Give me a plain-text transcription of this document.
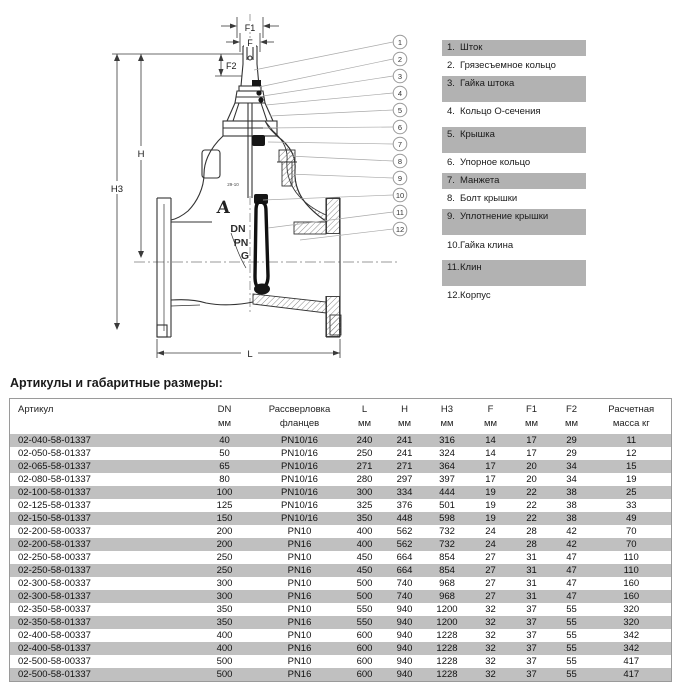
F1
F
F2
H
H3
L
29-10
A
DN
PN
G
1
2
3
4
5
6
7
8
9
10
11
12
1. Шток
2. Грязесъемное кольцо
3. Гайка штока
4. Кольцо О-сечения
5. Крышка
6. Упорное кольцо
7. Манжета
8. Болт крышки
9. Уплотнение крышки
10. Гайка клина
11. Клин
12. Корпус
Артикулы и габаритные размеры:
Артикул	DN	Рассверловка	L	H	H3	F	F1	F2	Расчетная
	мм	фланцев	мм	мм	мм	мм	мм	мм	масса кг
02-040-58-01337	40	PN10/16	240	241	316	14	17	29	11
02-050-58-01337	50	PN10/16	250	241	324	14	17	29	12
02-065-58-01337	65	PN10/16	271	271	364	17	20	34	15
02-080-58-01337	80	PN10/16	280	297	397	17	20	34	19
02-100-58-01337	100	PN10/16	300	334	444	19	22	38	25
02-125-58-01337	125	PN10/16	325	376	501	19	22	38	33
02-150-58-01337	150	PN10/16	350	448	598	19	22	38	49
02-200-58-00337	200	PN10	400	562	732	24	28	42	70
02-200-58-01337	200	PN16	400	562	732	24	28	42	70
02-250-58-00337	250	PN10	450	664	854	27	31	47	110
02-250-58-01337	250	PN16	450	664	854	27	31	47	110
02-300-58-00337	300	PN10	500	740	968	27	31	47	160
02-300-58-01337	300	PN16	500	740	968	27	31	47	160
02-350-58-00337	350	PN10	550	940	1200	32	37	55	320
02-350-58-01337	350	PN16	550	940	1200	32	37	55	320
02-400-58-00337	400	PN10	600	940	1228	32	37	55	342
02-400-58-01337	400	PN16	600	940	1228	32	37	55	342
02-500-58-00337	500	PN10	600	940	1228	32	37	55	417
02-500-58-01337	500	PN16	600	940	1228	32	37	55	417
